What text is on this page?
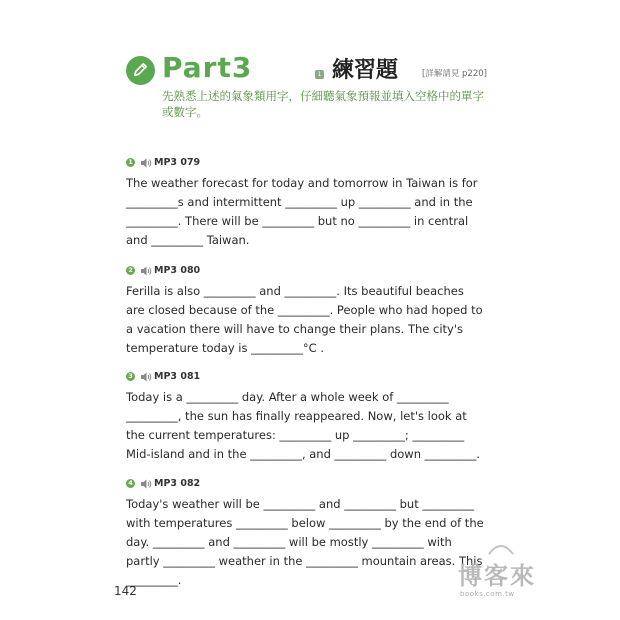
Part3	1 練習題	[詳解請見 p220]
先熟悉上述的氣象類用字，仔細聽氣象預報並填入空格中的單字或數字。
1 MP3 079

The weather forecast for today and tomorrow in Taiwan is for _________s and intermittent _________ up _________ and in the _________. There will be _________ but no _________ in central and _________ Taiwan.

2 MP3 080

Ferilla is also _________ and _________. Its beautiful beaches are closed because of the _________. People who had hoped to a vacation there will have to change their plans. The city's temperature today is _________°C .

3 MP3 081

Today is a _________ day. After a whole week of _________ _________, the sun has finally reappeared. Now, let's look at the current temperatures: _________ up _________; _________ Mid-island and in the _________, and _________ down _________.

4 MP3 082

Today's weather will be _________ and _________ but _________ with temperatures _________ below _________ by the end of the day. _________ and _________ will be mostly _________ with partly _________ weather in the _________ mountain areas. This _________.

142
博客來
books.com.tw
